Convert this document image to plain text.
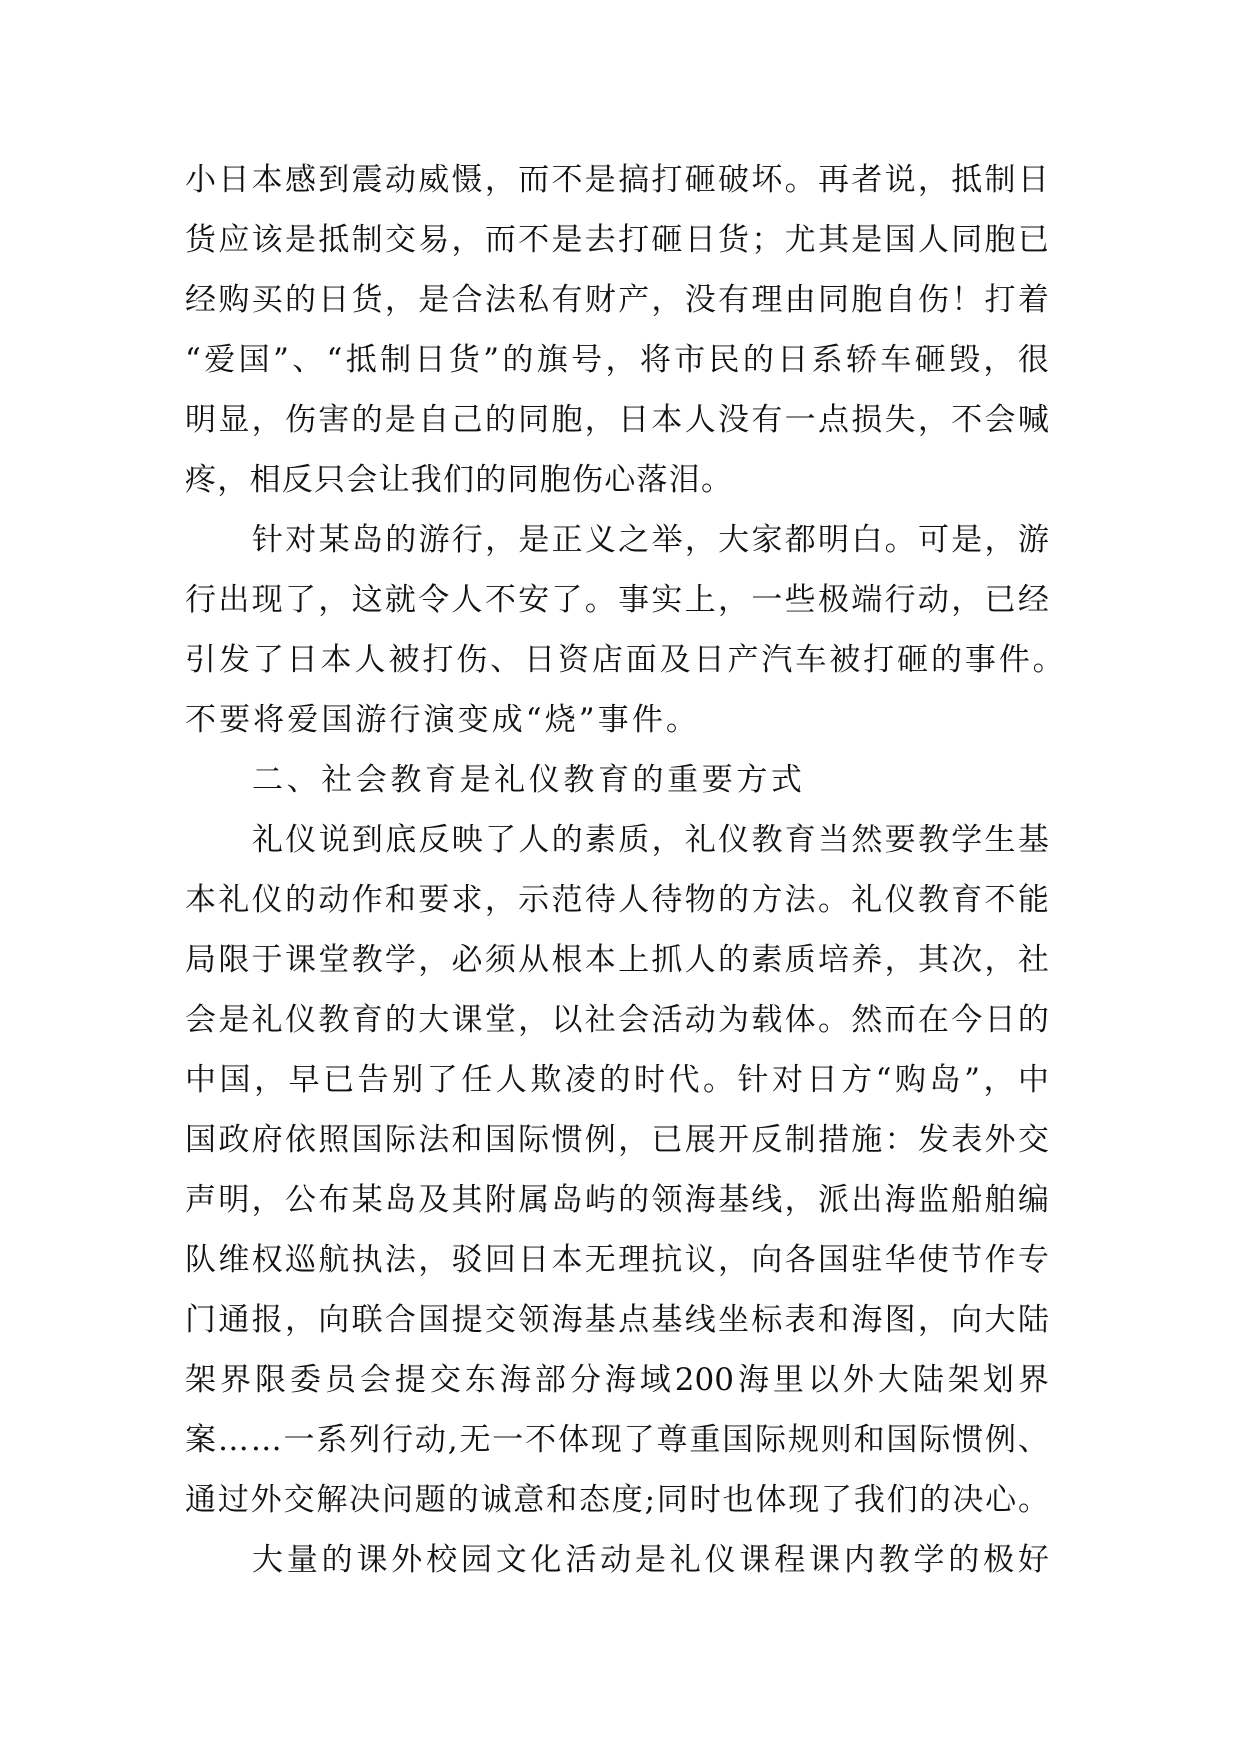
小 日 本 感 到 震 动 威 慑 ， 而 不 是 搞 打 砸 破 坏 。 再 者 说 ， 抵 制 日
货 应 该 是 抵 制 交 易 ， 而 不 是 去 打 砸 日 货 ； 尤 其 是 国 人 同 胞 已
经 购 买 的 日 货 ， 是 合 法 私 有 财 产 ， 没 有 理 由 同 胞 自 伤 ！ 打 着
“ 爱 国 ” 、 “ 抵 制 日 货 ” 的 旗 号 ， 将 市 民 的 日 系 轿 车 砸 毁 ， 很
明 显 ， 伤 害 的 是 自 己 的 同 胞 ， 日 本 人 没 有 一 点 损 失 ， 不 会 喊
疼 ， 相 反 只 会 让 我 们 的 同 胞 伤 心 落 泪 。
针 对 某 岛 的 游 行 ， 是 正 义 之 举 ， 大 家 都 明 白 。 可 是 ， 游
行 出 现 了 ， 这 就 令 人 不 安 了 。 事 实 上 ， 一 些 极 端 行 动 ， 已 经
引 发 了 日 本 人 被 打 伤 、 日 资 店 面 及 日 产 汽 车 被 打 砸 的 事 件 。
不 要 将 爱 国 游 行 演 变 成 “ 烧 ” 事 件 。
二 、 社 会 教 育 是 礼 仪 教 育 的 重 要 方 式
礼 仪 说 到 底 反 映 了 人 的 素 质 ， 礼 仪 教 育 当 然 要 教 学 生 基
本 礼 仪 的 动 作 和 要 求 ， 示 范 待 人 待 物 的 方 法 。 礼 仪 教 育 不 能
局 限 于 课 堂 教 学 ， 必 须 从 根 本 上 抓 人 的 素 质 培 养 ， 其 次 ， 社
会 是 礼 仪 教 育 的 大 课 堂 ， 以 社 会 活 动 为 载 体 。 然 而 在 今 日 的
中 国 ， 早 已 告 别 了 任 人 欺 凌 的 时 代 。 针 对 日 方 “ 购 岛 ” ， 中
国 政 府 依 照 国 际 法 和 国 际 惯 例 ， 已 展 开 反 制 措 施 ： 发 表 外 交
声 明 ， 公 布 某 岛 及 其 附 属 岛 屿 的 领 海 基 线 ， 派 出 海 监 船 舶 编
队 维 权 巡 航 执 法 ， 驳 回 日 本 无 理 抗 议 ， 向 各 国 驻 华 使 节 作 专
门 通 报 ， 向 联 合 国 提 交 领 海 基 点 基 线 坐 标 表 和 海 图 ， 向 大 陆
架 界 限 委 员 会 提 交 东 海 部 分 海 域 200 海 里 以 外 大 陆 架 划 界
案 … … 一 系 列 行 动 , 无 一 不 体 现 了 尊 重 国 际 规 则 和 国 际 惯 例 、
通 过 外 交 解 决 问 题 的 诚 意 和 态 度 ; 同 时 也 体 现 了 我 们 的 决 心 。
大 量 的 课 外 校 园 文 化 活 动 是 礼 仪 课 程 课 内 教 学 的 极 好
